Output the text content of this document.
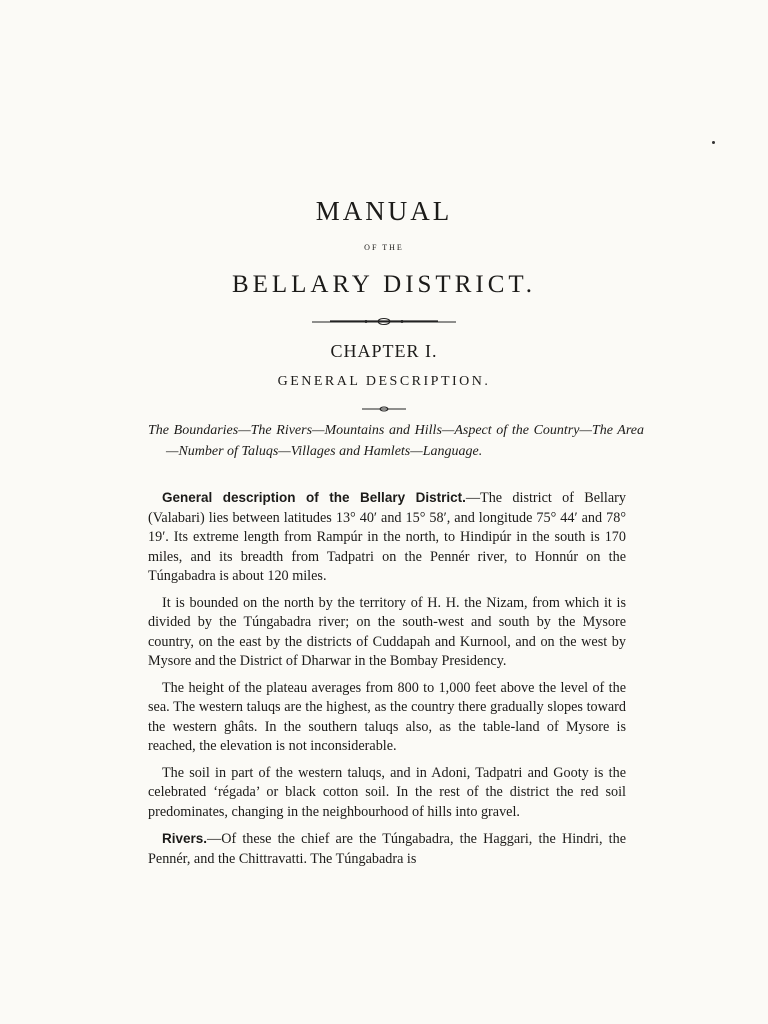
MANUAL
OF THE
BELLARY DISTRICT.
CHAPTER I.
GENERAL DESCRIPTION.
The Boundaries—The Rivers—Mountains and Hills—Aspect of the Country—The Area—Number of Taluqs—Villages and Hamlets—Language.

General description of the Bellary District.—The district of Bellary (Valabari) lies between latitudes 13° 40′ and 15° 58′, and longitude 75° 44′ and 78° 19′. Its extreme length from Rampúr in the north, to Hindipúr in the south is 170 miles, and its breadth from Tadpatri on the Pennér river, to Honnúr on the Túngabadra is about 120 miles.

It is bounded on the north by the territory of H. H. the Nizam, from which it is divided by the Túngabadra river; on the south-west and south by the Mysore country, on the east by the districts of Cuddapah and Kurnool, and on the west by Mysore and the District of Dharwar in the Bombay Presidency.

The height of the plateau averages from 800 to 1,000 feet above the level of the sea. The western taluqs are the highest, as the country there gradually slopes toward the western ghâts. In the southern taluqs also, as the table-land of Mysore is reached, the elevation is not inconsiderable.

The soil in part of the western taluqs, and in Adoni, Tadpatri and Gooty is the celebrated ‘régada’ or black cotton soil. In the rest of the district the red soil predominates, changing in the neighbourhood of hills into gravel.

Rivers.—Of these the chief are the Túngabadra, the Haggari, the Hindri, the Pennér, and the Chittravatti. The Túngabadra is
